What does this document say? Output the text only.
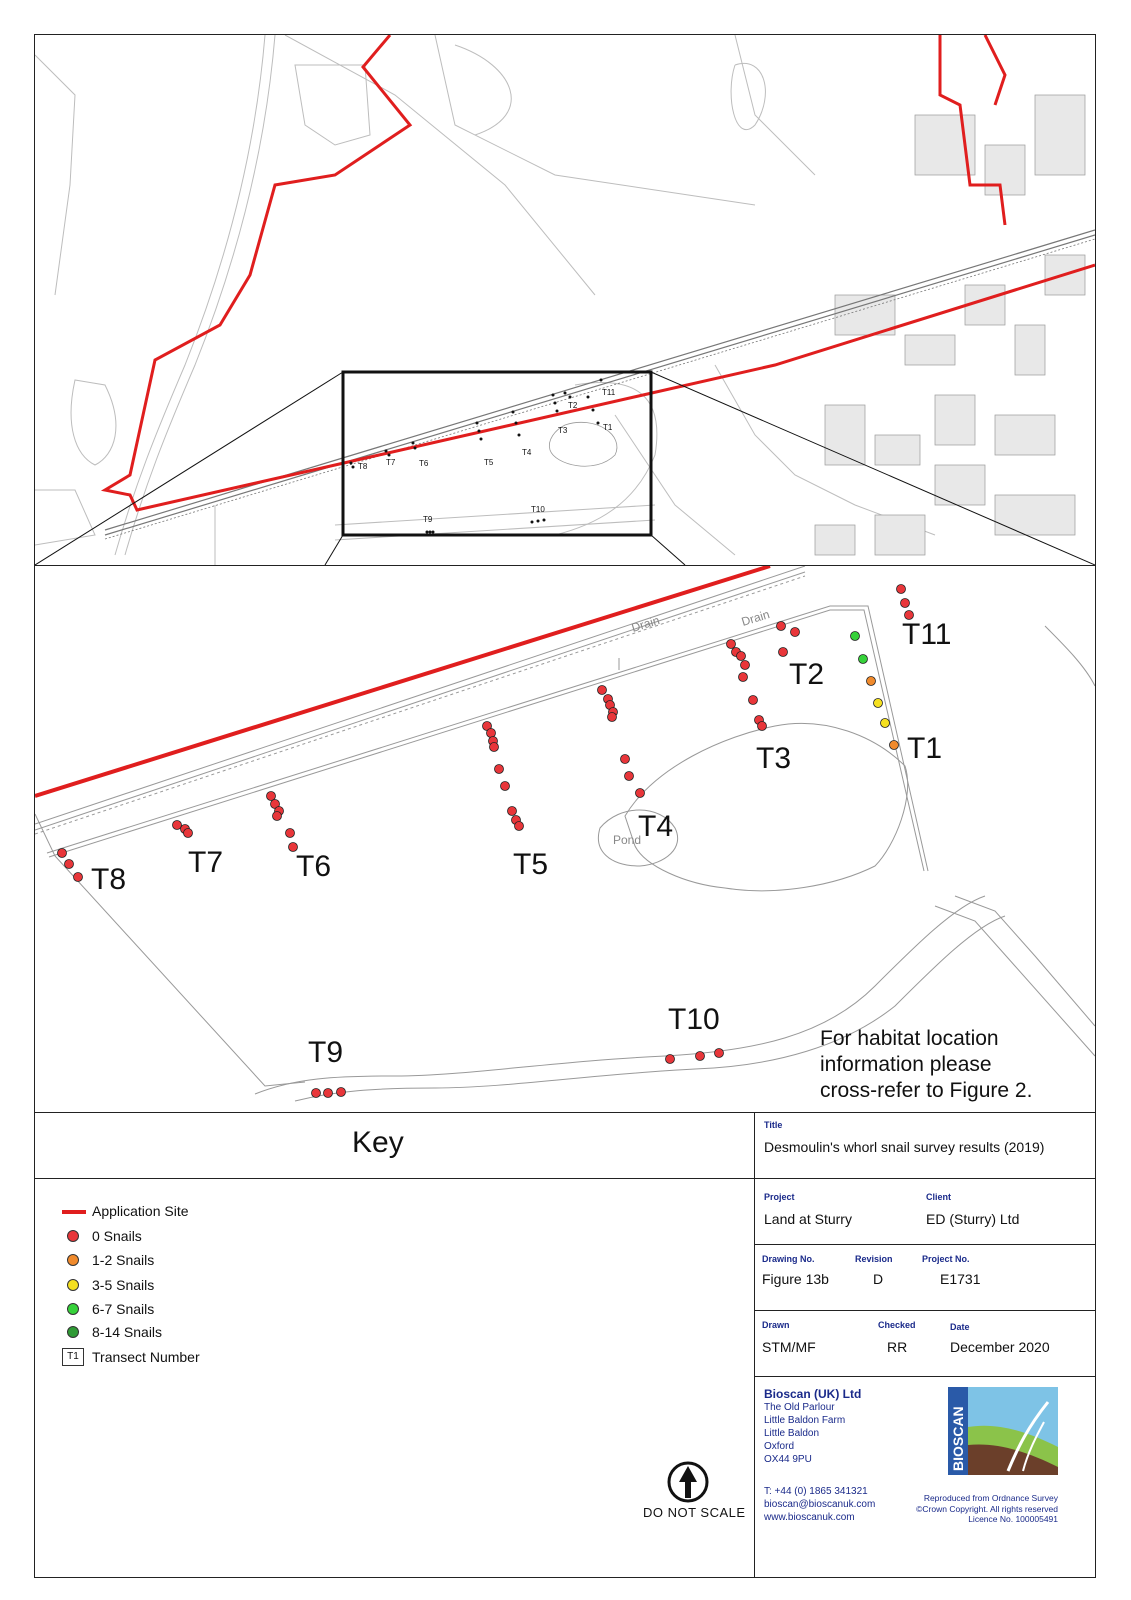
T8 T7	T6	T5
T4
T3
T2
T1
T11
T9
T10
Drain	Drain
Pond
T1
T2
T3
T4
T5
T6
T7
T8
T9
T10
T11
For habitat location
information please
cross-refer to Figure 2.
Key
Application Site
0 Snails
1-2 Snails
3-5 Snails
6-7 Snails
8-14 Snails
T1 Transect Number
DO NOT SCALE
Title
Desmoulin's whorl snail survey results (2019)
Project
Land at Sturry
Client
ED (Sturry) Ltd
Drawing No.
Figure 13b
Revision
D
Project No.
E1731
Drawn
STM/MF
Checked
RR
Date
December 2020
Bioscan (UK) Ltd
The Old Parlour
Little Baldon Farm
Little Baldon
Oxford
OX44 9PU
T: +44 (0) 1865 341321
bioscan@bioscanuk.com
www.bioscanuk.com
BIOSCAN
Reproduced from Ordnance Survey
©Crown Copyright. All rights reserved
Licence No. 100005491
